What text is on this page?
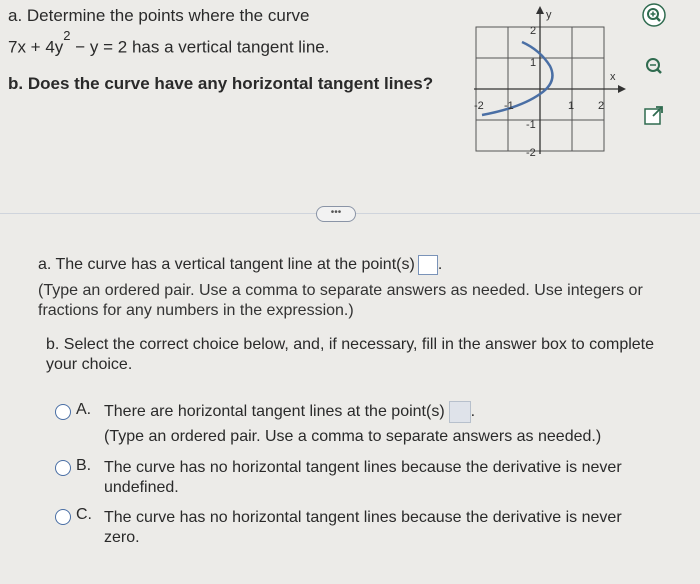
a. Determine the points where the curve
$7x + 4y^2 - y = 2$ has a vertical tangent line.
b. Does the curve have any horizontal tangent lines?
y
x
2
1
-1
-2
-2 -1	1 2
•••
a. The curve has a vertical tangent line at the point(s) .
(Type an ordered pair. Use a comma to separate answers as needed. Use integers or fractions for any numbers in the expression.)
b. Select the correct choice below, and, if necessary, fill in the answer box to complete your choice.
A. There are horizontal tangent lines at the point(s) .
(Type an ordered pair. Use a comma to separate answers as needed.)
B. The curve has no horizontal tangent lines because the derivative is never undefined.
C. The curve has no horizontal tangent lines because the derivative is never zero.
